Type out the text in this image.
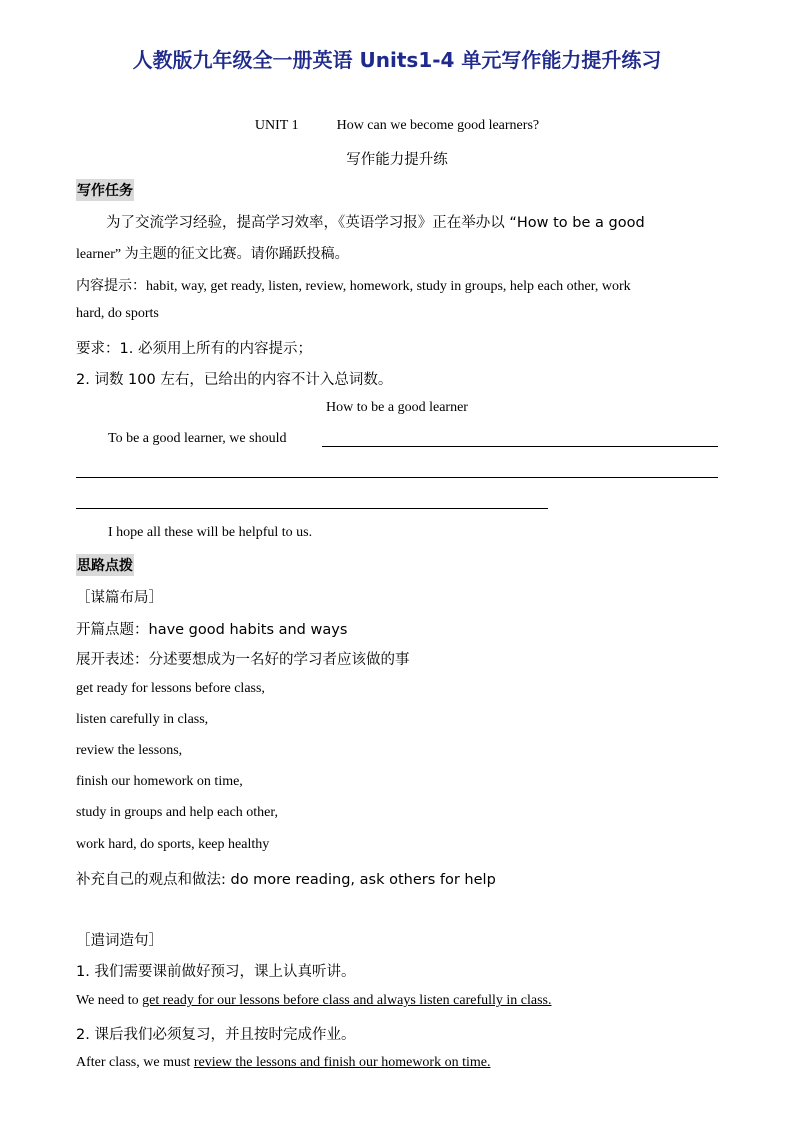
人教版九年级全一册英语 Units1-4 单元写作能力提升练习
UNIT 1	How can we become good learners?
写作能力提升练
写作任务
为了交流学习经验，提高学习效率，《英语学习报》正在举办以 “How to be a good
learner” 为主题的征文比赛。请你踊跃投稿。
内容提示：habit, way, get ready, listen, review, homework, study in groups, help each other, work
hard, do sports
要求：1. 必须用上所有的内容提示；
2. 词数 100 左右，已给出的内容不计入总词数。
How to be a good learner
To be a good learner, we should
I hope all these will be helpful to us.
思路点拨
［谋篇布局］
开篇点题：have good habits and ways
展开表述：分述要想成为一名好的学习者应该做的事
get ready for lessons before class,
listen carefully in class,
review the lessons,
finish our homework on time,
study in groups and help each other,
work hard, do sports, keep healthy
补充自己的观点和做法: do more reading, ask others for help
［遣词造句］
1. 我们需要课前做好预习，课上认真听讲。
We need to get ready for our lessons before class and always listen carefully in class.
2. 课后我们必须复习，并且按时完成作业。
After class, we must review the lessons and finish our homework on time.
